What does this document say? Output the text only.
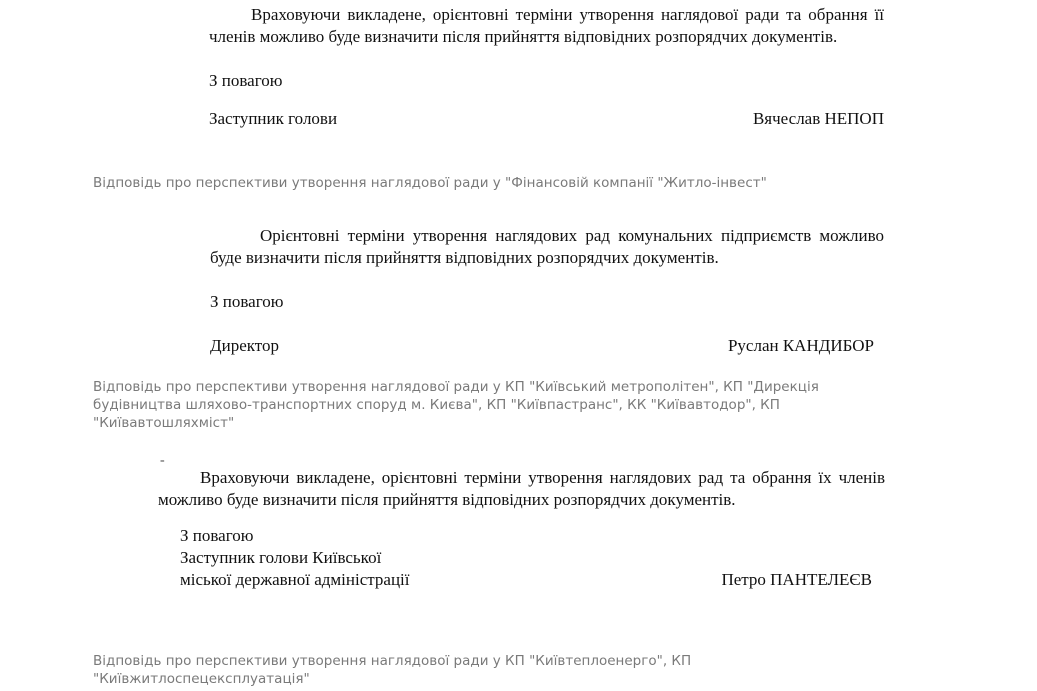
Враховуючи викладене, орієнтовні терміни утворення наглядової ради та обрання її членів можливо буде визначити після прийняття відповідних розпорядчих документів.

З повагою
Заступник голови	Вячеслав НЕПОП
Відповідь про перспективи утворення наглядової ради у "Фінансовій компанії "Житло-інвест"

Орієнтовні терміни утворення наглядових рад комунальних підприємств можливо буде визначити після прийняття відповідних розпорядчих документів.

З повагою
Директор	Руслан КАНДИБОР
Відповідь про перспективи утворення наглядової ради у КП "Київський метрополітен", КП "Дирекція будівництва шляхово-транспортних споруд м. Києва", КП "Київпастранс", КК "Київавтодор", КП "Київавтошляхміст"
-

Враховуючи викладене, орієнтовні терміни утворення наглядових рад та обрання їх членів можливо буде визначити після прийняття відповідних розпорядчих документів.

З повагою
Заступник голови Київської
міської державної адміністрації	Петро ПАНТЕЛЕЄВ
Відповідь про перспективи утворення наглядової ради у КП "Київтеплоенерго", КП "Київжитлоспецексплуатація"
